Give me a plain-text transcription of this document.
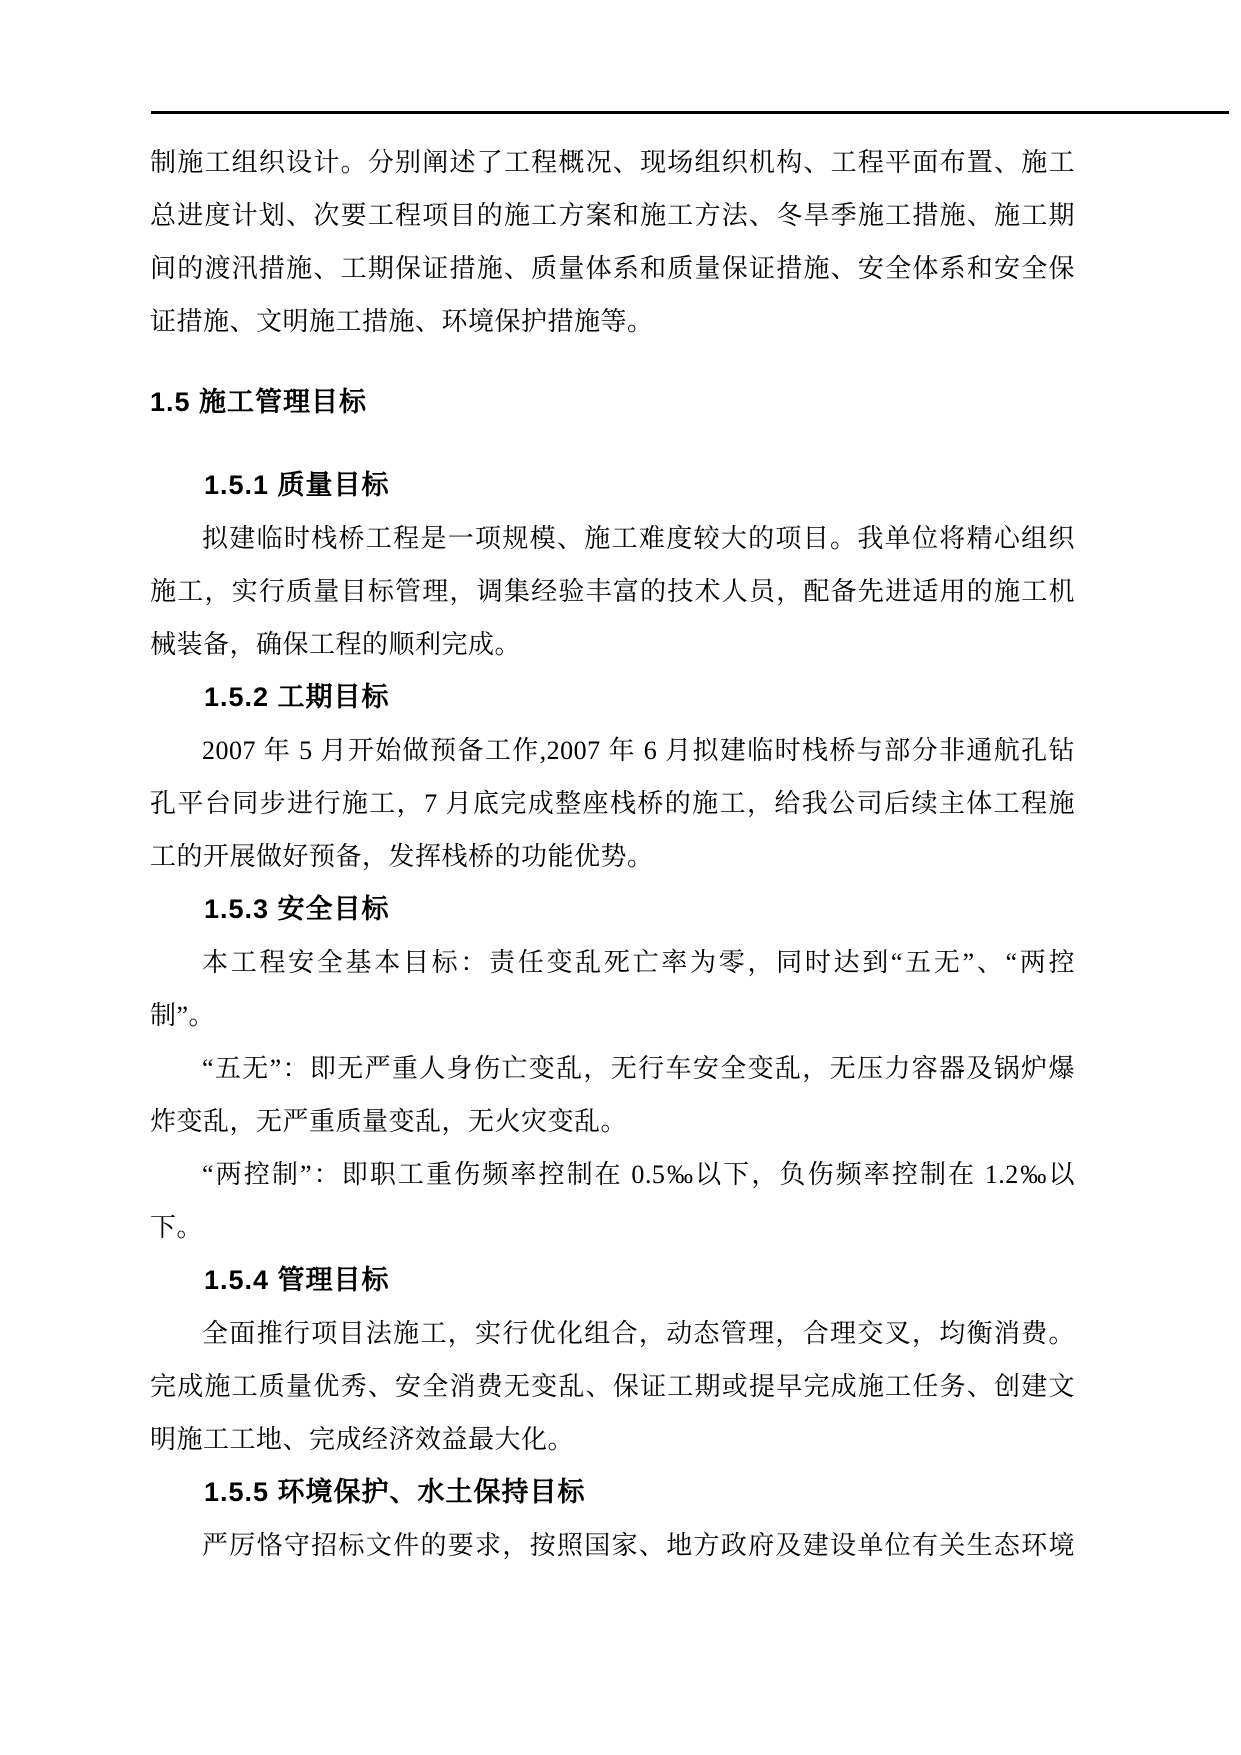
制施工组织设计。分别阐述了工程概况、现场组织机构、工程平面布置、施工
总进度计划、次要工程项目的施工方案和施工方法、冬旱季施工措施、施工期
间的渡汛措施、工期保证措施、质量体系和质量保证措施、安全体系和安全保
证措施、文明施工措施、环境保护措施等。
1.5 施工管理目标
1.5.1 质量目标
拟建临时栈桥工程是一项规模、施工难度较大的项目。我单位将精心组织
施工，实行质量目标管理，调集经验丰富的技术人员，配备先进适用的施工机
械装备，确保工程的顺利完成。
1.5.2 工期目标
2007 年 5 月开始做预备工作,2007 年 6 月拟建临时栈桥与部分非通航孔钻
孔平台同步进行施工，7 月底完成整座栈桥的施工，给我公司后续主体工程施
工的开展做好预备，发挥栈桥的功能优势。
1.5.3 安全目标
本工程安全基本目标：责任变乱死亡率为零，同时达到“五无”、“两控
制”。
“五无”：即无严重人身伤亡变乱，无行车安全变乱，无压力容器及锅炉爆
炸变乱，无严重质量变乱，无火灾变乱。
“两控制”：即职工重伤频率控制在 0.5‰以下，负伤频率控制在 1.2‰以
下。
1.5.4 管理目标
全面推行项目法施工，实行优化组合，动态管理，合理交叉，均衡消费。
完成施工质量优秀、安全消费无变乱、保证工期或提早完成施工任务、创建文
明施工工地、完成经济效益最大化。
1.5.5 环境保护、水土保持目标
严厉恪守招标文件的要求，按照国家、地方政府及建设单位有关生态环境
